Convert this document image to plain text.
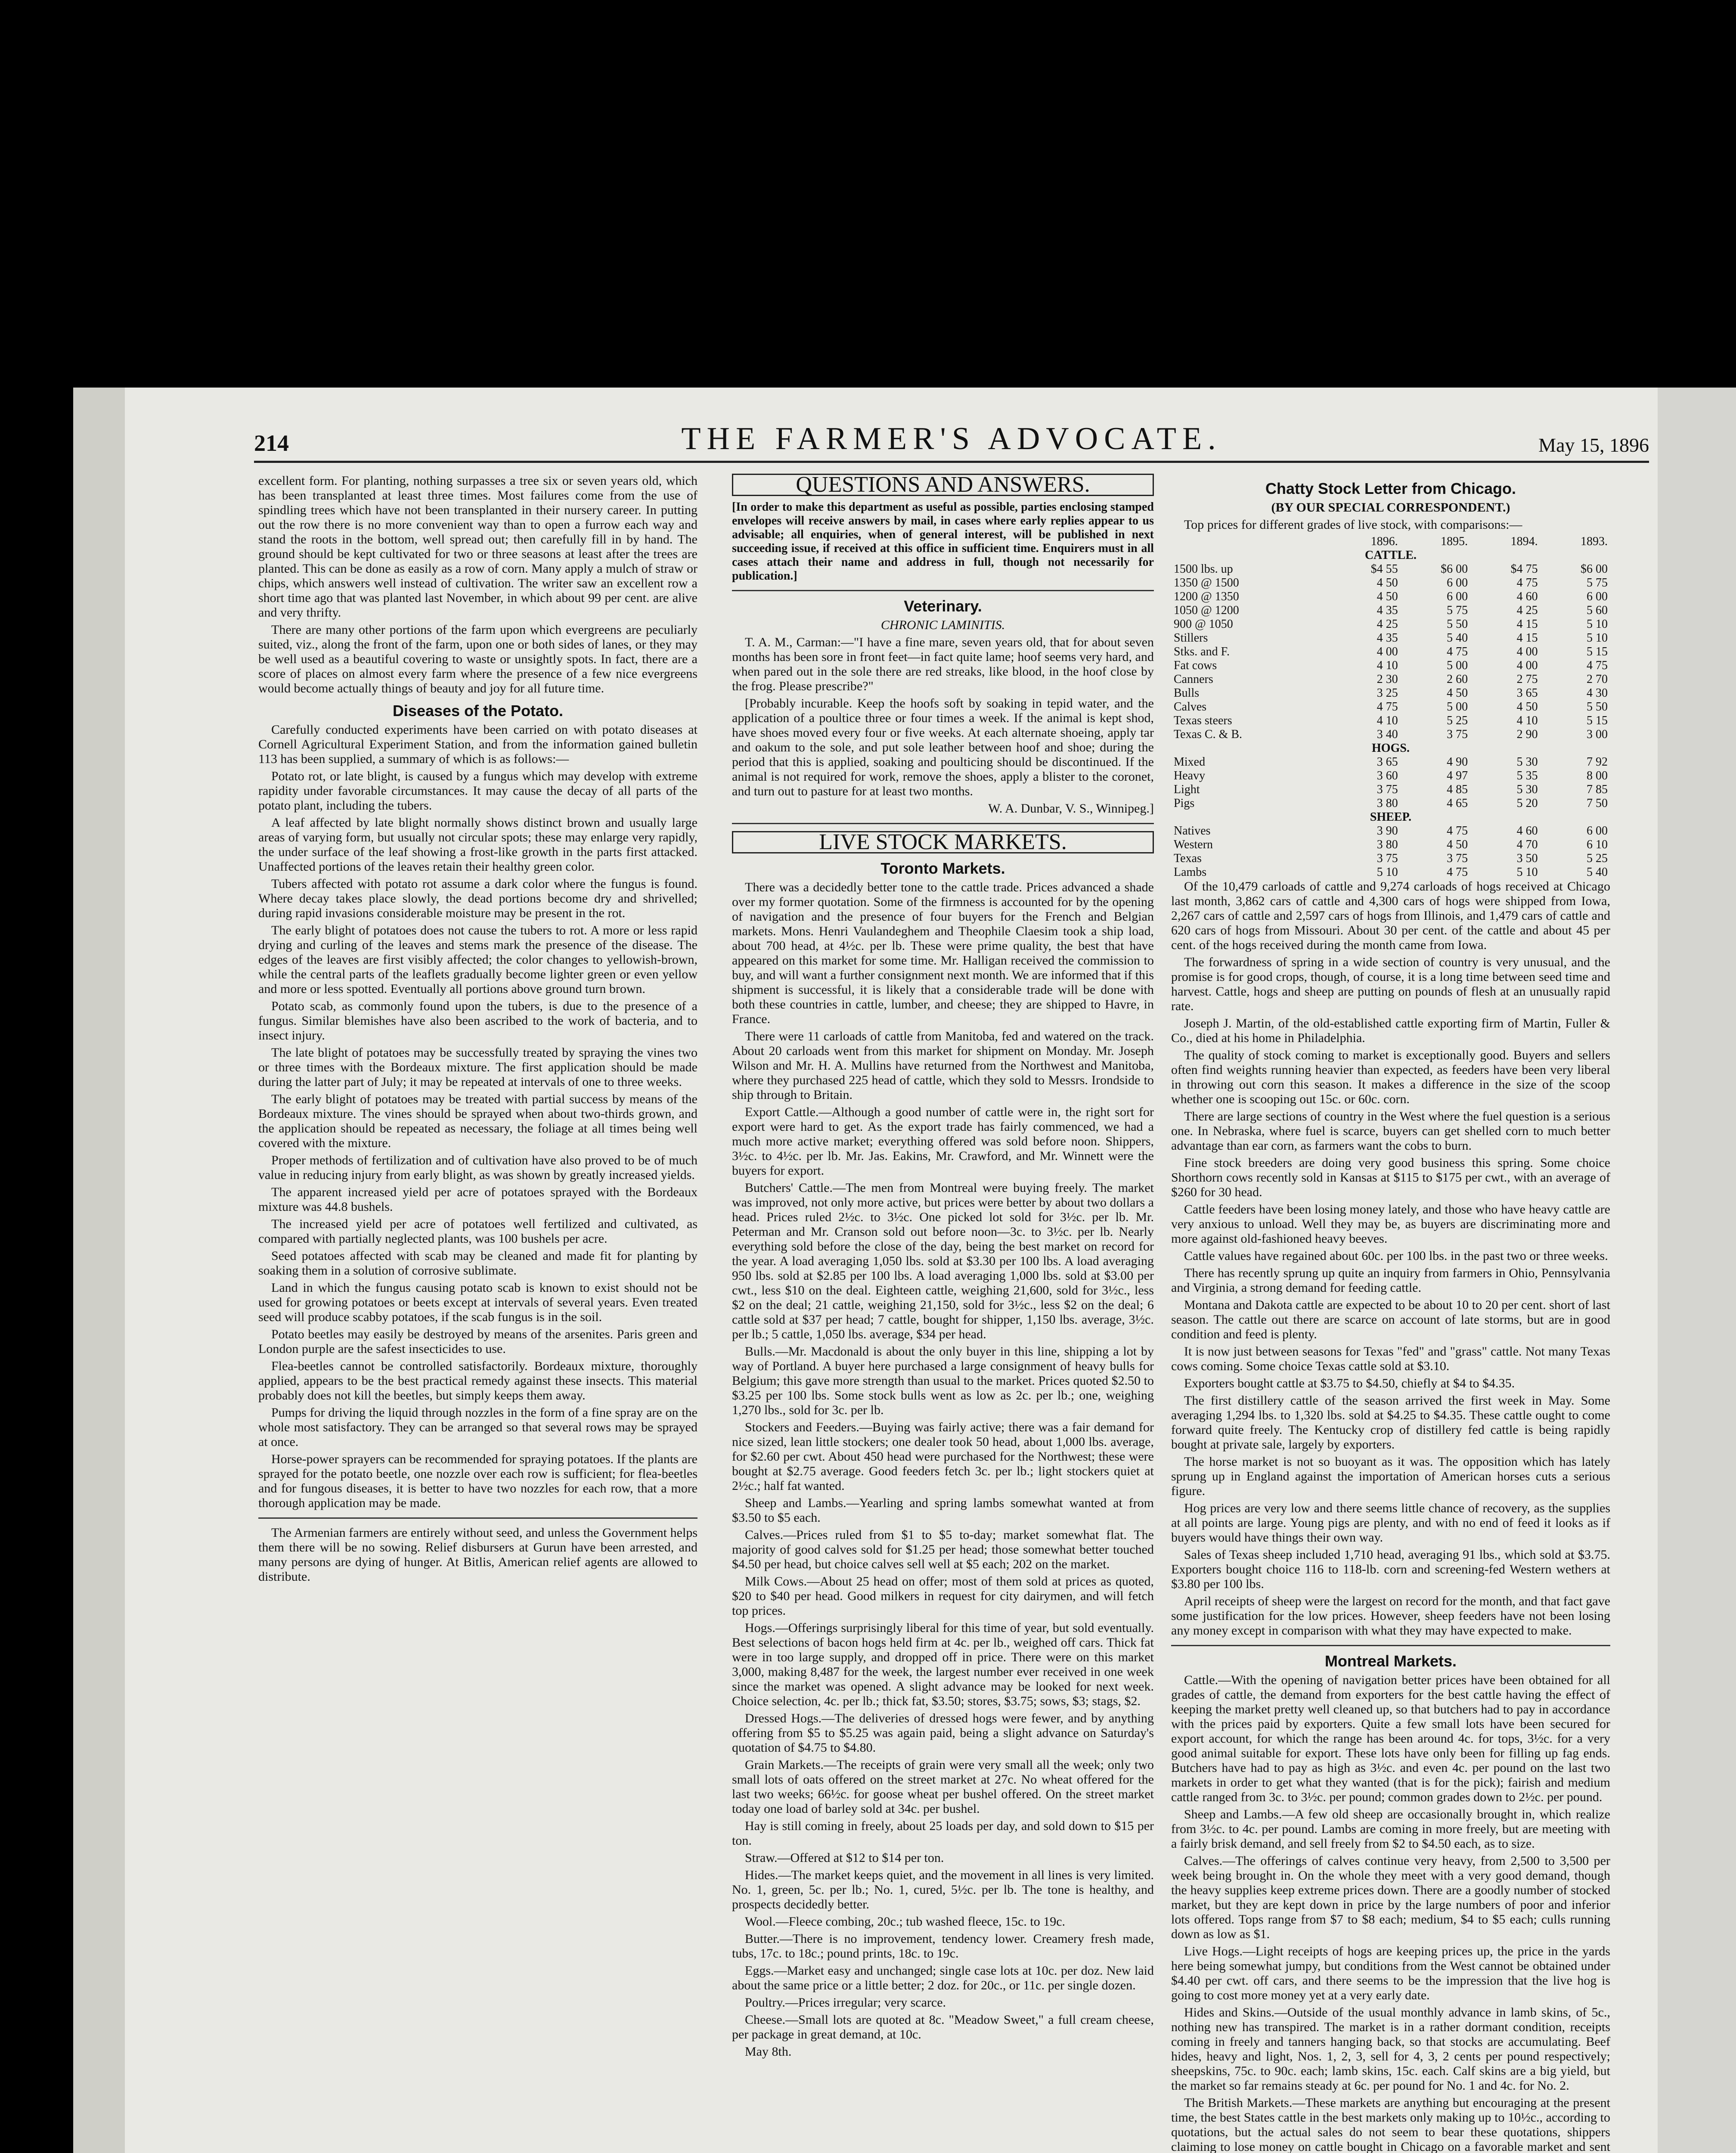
214	THE FARMER'S ADVOCATE.	May 15, 1896

excellent form. For planting, nothing surpasses a tree six or seven years old, which has been transplanted at least three times. Most failures come from the use of spindling trees which have not been transplanted in their nursery career. In putting out the row there is no more convenient way than to open a furrow each way and stand the roots in the bottom, well spread out; then carefully fill in by hand. The ground should be kept cultivated for two or three seasons at least after the trees are planted. This can be done as easily as a row of corn. Many apply a mulch of straw or chips, which answers well instead of cultivation. The writer saw an excellent row a short time ago that was planted last November, in which about 99 per cent. are alive and very thrifty.

There are many other portions of the farm upon which evergreens are peculiarly suited, viz., along the front of the farm, upon one or both sides of lanes, or they may be well used as a beautiful covering to waste or unsightly spots. In fact, there are a score of places on almost every farm where the presence of a few nice evergreens would become actually things of beauty and joy for all future time.

Diseases of the Potato.

Carefully conducted experiments have been carried on with potato diseases at Cornell Agricultural Experiment Station, and from the information gained bulletin 113 has been supplied, a summary of which is as follows:—

Potato rot, or late blight, is caused by a fungus which may develop with extreme rapidity under favorable circumstances. It may cause the decay of all parts of the potato plant, including the tubers.

A leaf affected by late blight normally shows distinct brown and usually large areas of varying form, but usually not circular spots; these may enlarge very rapidly, the under surface of the leaf showing a frost-like growth in the parts first attacked. Unaffected portions of the leaves retain their healthy green color.

Tubers affected with potato rot assume a dark color where the fungus is found. Where decay takes place slowly, the dead portions become dry and shrivelled; during rapid invasions considerable moisture may be present in the rot.

The early blight of potatoes does not cause the tubers to rot. A more or less rapid drying and curling of the leaves and stems mark the presence of the disease. The edges of the leaves are first visibly affected; the color changes to yellowish-brown, while the central parts of the leaflets gradually become lighter green or even yellow and more or less spotted. Eventually all portions above ground turn brown.

Potato scab, as commonly found upon the tubers, is due to the presence of a fungus. Similar blemishes have also been ascribed to the work of bacteria, and to insect injury.

The late blight of potatoes may be successfully treated by spraying the vines two or three times with the Bordeaux mixture. The first application should be made during the latter part of July; it may be repeated at intervals of one to three weeks.

The early blight of potatoes may be treated with partial success by means of the Bordeaux mixture. The vines should be sprayed when about two-thirds grown, and the application should be repeated as necessary, the foliage at all times being well covered with the mixture.

Proper methods of fertilization and of cultivation have also proved to be of much value in reducing injury from early blight, as was shown by greatly increased yields.

The apparent increased yield per acre of potatoes sprayed with the Bordeaux mixture was 44.8 bushels.

The increased yield per acre of potatoes well fertilized and cultivated, as compared with partially neglected plants, was 100 bushels per acre.

Seed potatoes affected with scab may be cleaned and made fit for planting by soaking them in a solution of corrosive sublimate.

Land in which the fungus causing potato scab is known to exist should not be used for growing potatoes or beets except at intervals of several years. Even treated seed will produce scabby potatoes, if the scab fungus is in the soil.

Potato beetles may easily be destroyed by means of the arsenites. Paris green and London purple are the safest insecticides to use.

Flea-beetles cannot be controlled satisfactorily. Bordeaux mixture, thoroughly applied, appears to be the best practical remedy against these insects. This material probably does not kill the beetles, but simply keeps them away.

Pumps for driving the liquid through nozzles in the form of a fine spray are on the whole most satisfactory. They can be arranged so that several rows may be sprayed at once.

Horse-power sprayers can be recommended for spraying potatoes. If the plants are sprayed for the potato beetle, one nozzle over each row is sufficient; for flea-beetles and for fungous diseases, it is better to have two nozzles for each row, that a more thorough application may be made.

The Armenian farmers are entirely without seed, and unless the Government helps them there will be no sowing. Relief disbursers at Gurun have been arrested, and many persons are dying of hunger. At Bitlis, American relief agents are allowed to distribute.

QUESTIONS AND ANSWERS.

[In order to make this department as useful as possible, parties enclosing stamped envelopes will receive answers by mail, in cases where early replies appear to us advisable; all enquiries, when of general interest, will be published in next succeeding issue, if received at this office in sufficient time. Enquirers must in all cases attach their name and address in full, though not necessarily for publication.]

Veterinary.
CHRONIC LAMINITIS.

T. A. M., Carman:—"I have a fine mare, seven years old, that for about seven months has been sore in front feet—in fact quite lame; hoof seems very hard, and when pared out in the sole there are red streaks, like blood, in the hoof close by the frog. Please prescribe?"

[Probably incurable. Keep the hoofs soft by soaking in tepid water, and the application of a poultice three or four times a week. If the animal is kept shod, have shoes moved every four or five weeks. At each alternate shoeing, apply tar and oakum to the sole, and put sole leather between hoof and shoe; during the period that this is applied, soaking and poulticing should be discontinued. If the animal is not required for work, remove the shoes, apply a blister to the coronet, and turn out to pasture for at least two months.

W. A. Dunbar, V. S., Winnipeg.]
LIVE STOCK MARKETS.
Toronto Markets.

There was a decidedly better tone to the cattle trade. Prices advanced a shade over my former quotation. Some of the firmness is accounted for by the opening of navigation and the presence of four buyers for the French and Belgian markets. Mons. Henri Vaulandeghem and Theophile Claesim took a ship load, about 700 head, at 4½c. per lb. These were prime quality, the best that have appeared on this market for some time. Mr. Halligan received the commission to buy, and will want a further consignment next month. We are informed that if this shipment is successful, it is likely that a considerable trade will be done with both these countries in cattle, lumber, and cheese; they are shipped to Havre, in France.

There were 11 carloads of cattle from Manitoba, fed and watered on the track. About 20 carloads went from this market for shipment on Monday. Mr. Joseph Wilson and Mr. H. A. Mullins have returned from the Northwest and Manitoba, where they purchased 225 head of cattle, which they sold to Messrs. Irondside to ship through to Britain.

Export Cattle.—Although a good number of cattle were in, the right sort for export were hard to get. As the export trade has fairly commenced, we had a much more active market; everything offered was sold before noon. Shippers, 3½c. to 4½c. per lb. Mr. Jas. Eakins, Mr. Crawford, and Mr. Winnett were the buyers for export.

Butchers' Cattle.—The men from Montreal were buying freely. The market was improved, not only more active, but prices were better by about two dollars a head. Prices ruled 2½c. to 3½c. One picked lot sold for 3½c. per lb. Mr. Peterman and Mr. Cranson sold out before noon—3c. to 3½c. per lb. Nearly everything sold before the close of the day, being the best market on record for the year. A load averaging 1,050 lbs. sold at $3.30 per 100 lbs. A load averaging 950 lbs. sold at $2.85 per 100 lbs. A load averaging 1,000 lbs. sold at $3.00 per cwt., less $10 on the deal. Eighteen cattle, weighing 21,600, sold for 3½c., less $2 on the deal; 21 cattle, weighing 21,150, sold for 3½c., less $2 on the deal; 6 cattle sold at $37 per head; 7 cattle, bought for shipper, 1,150 lbs. average, 3½c. per lb.; 5 cattle, 1,050 lbs. average, $34 per head.

Bulls.—Mr. Macdonald is about the only buyer in this line, shipping a lot by way of Portland. A buyer here purchased a large consignment of heavy bulls for Belgium; this gave more strength than usual to the market. Prices quoted $2.50 to $3.25 per 100 lbs. Some stock bulls went as low as 2c. per lb.; one, weighing 1,270 lbs., sold for 3c. per lb.

Stockers and Feeders.—Buying was fairly active; there was a fair demand for nice sized, lean little stockers; one dealer took 50 head, about 1,000 lbs. average, for $2.60 per cwt. About 450 head were purchased for the Northwest; these were bought at $2.75 average. Good feeders fetch 3c. per lb.; light stockers quiet at 2½c.; half fat wanted.

Sheep and Lambs.—Yearling and spring lambs somewhat wanted at from $3.50 to $5 each.

Calves.—Prices ruled from $1 to $5 to-day; market somewhat flat. The majority of good calves sold for $1.25 per head; those somewhat better touched $4.50 per head, but choice calves sell well at $5 each; 202 on the market.

Milk Cows.—About 25 head on offer; most of them sold at prices as quoted, $20 to $40 per head. Good milkers in request for city dairymen, and will fetch top prices.

Hogs.—Offerings surprisingly liberal for this time of year, but sold eventually. Best selections of bacon hogs held firm at 4c. per lb., weighed off cars. Thick fat were in too large supply, and dropped off in price. There were on this market 3,000, making 8,487 for the week, the largest number ever received in one week since the market was opened. A slight advance may be looked for next week. Choice selection, 4c. per lb.; thick fat, $3.50; stores, $3.75; sows, $3; stags, $2.

Dressed Hogs.—The deliveries of dressed hogs were fewer, and by anything offering from $5 to $5.25 was again paid, being a slight advance on Saturday's quotation of $4.75 to $4.80.

Grain Markets.—The receipts of grain were very small all the week; only two small lots of oats offered on the street market at 27c. No wheat offered for the last two weeks; 66½c. for goose wheat per bushel offered. On the street market today one load of barley sold at 34c. per bushel.

Hay is still coming in freely, about 25 loads per day, and sold down to $15 per ton.

Straw.—Offered at $12 to $14 per ton.

Hides.—The market keeps quiet, and the movement in all lines is very limited. No. 1, green, 5c. per lb.; No. 1, cured, 5½c. per lb. The tone is healthy, and prospects decidedly better.

Wool.—Fleece combing, 20c.; tub washed fleece, 15c. to 19c.

Butter.—There is no improvement, tendency lower. Creamery fresh made, tubs, 17c. to 18c.; pound prints, 18c. to 19c.

Eggs.—Market easy and unchanged; single case lots at 10c. per doz. New laid about the same price or a little better; 2 doz. for 20c., or 11c. per single dozen.

Poultry.—Prices irregular; very scarce.

Cheese.—Small lots are quoted at 8c. "Meadow Sweet," a full cream cheese, per package in great demand, at 10c.

May 8th.

Chatty Stock Letter from Chicago.
(BY OUR SPECIAL CORRESPONDENT.)

Top prices for different grades of live stock, with comparisons:—

	1896.	1895.	1894.	1893.
CATTLE.				
1500 lbs. up	$4 55	$6 00	$4 75	$6 00
1350 @ 1500	4 50	6 00	4 75	5 75
1200 @ 1350	4 50	6 00	4 60	6 00
1050 @ 1200	4 35	5 75	4 25	5 60
900 @ 1050	4 25	5 50	4 15	5 10
Stillers	4 35	5 40	4 15	5 10
Stks. and F.	4 00	4 75	4 00	5 15
Fat cows	4 10	5 00	4 00	4 75
Canners	2 30	2 60	2 75	2 70
Bulls	3 25	4 50	3 65	4 30
Calves	4 75	5 00	4 50	5 50
Texas steers	4 10	5 25	4 10	5 15
Texas C. & B.	3 40	3 75	2 90	3 00
HOGS.				
Mixed	3 65	4 90	5 30	7 92
Heavy	3 60	4 97	5 35	8 00
Light	3 75	4 85	5 30	7 85
Pigs	3 80	4 65	5 20	7 50
SHEEP.				
Natives	3 90	4 75	4 60	6 00
Western	3 80	4 50	4 70	6 10
Texas	3 75	3 75	3 50	5 25
Lambs	5 10	4 75	5 10	5 40

Of the 10,479 carloads of cattle and 9,274 carloads of hogs received at Chicago last month, 3,862 cars of cattle and 4,300 cars of hogs were shipped from Iowa, 2,267 cars of cattle and 2,597 cars of hogs from Illinois, and 1,479 cars of cattle and 620 cars of hogs from Missouri. About 30 per cent. of the cattle and about 45 per cent. of the hogs received during the month came from Iowa.

The forwardness of spring in a wide section of country is very unusual, and the promise is for good crops, though, of course, it is a long time between seed time and harvest. Cattle, hogs and sheep are putting on pounds of flesh at an unusually rapid rate.

Joseph J. Martin, of the old-established cattle exporting firm of Martin, Fuller & Co., died at his home in Philadelphia.

The quality of stock coming to market is exceptionally good. Buyers and sellers often find weights running heavier than expected, as feeders have been very liberal in throwing out corn this season. It makes a difference in the size of the scoop whether one is scooping out 15c. or 60c. corn.

There are large sections of country in the West where the fuel question is a serious one. In Nebraska, where fuel is scarce, buyers can get shelled corn to much better advantage than ear corn, as farmers want the cobs to burn.

Fine stock breeders are doing very good business this spring. Some choice Shorthorn cows recently sold in Kansas at $115 to $175 per cwt., with an average of $260 for 30 head.

Cattle feeders have been losing money lately, and those who have heavy cattle are very anxious to unload. Well they may be, as buyers are discriminating more and more against old-fashioned heavy beeves.

Cattle values have regained about 60c. per 100 lbs. in the past two or three weeks.

There has recently sprung up quite an inquiry from farmers in Ohio, Pennsylvania and Virginia, a strong demand for feeding cattle.

Montana and Dakota cattle are expected to be about 10 to 20 per cent. short of last season. The cattle out there are scarce on account of late storms, but are in good condition and feed is plenty.

It is now just between seasons for Texas "fed" and "grass" cattle. Not many Texas cows coming. Some choice Texas cattle sold at $3.10.

Exporters bought cattle at $3.75 to $4.50, chiefly at $4 to $4.35.

The first distillery cattle of the season arrived the first week in May. Some averaging 1,294 lbs. to 1,320 lbs. sold at $4.25 to $4.35. These cattle ought to come forward quite freely. The Kentucky crop of distillery fed cattle is being rapidly bought at private sale, largely by exporters.

The horse market is not so buoyant as it was. The opposition which has lately sprung up in England against the importation of American horses cuts a serious figure.

Hog prices are very low and there seems little chance of recovery, as the supplies at all points are large. Young pigs are plenty, and with no end of feed it looks as if buyers would have things their own way.

Sales of Texas sheep included 1,710 head, averaging 91 lbs., which sold at $3.75. Exporters bought choice 116 to 118-lb. corn and screening-fed Western wethers at $3.80 per 100 lbs.

April receipts of sheep were the largest on record for the month, and that fact gave some justification for the low prices. However, sheep feeders have not been losing any money except in comparison with what they may have expected to make.

Montreal Markets.

Cattle.—With the opening of navigation better prices have been obtained for all grades of cattle, the demand from exporters for the best cattle having the effect of keeping the market pretty well cleaned up, so that butchers had to pay in accordance with the prices paid by exporters. Quite a few small lots have been secured for export account, for which the range has been around 4c. for tops, 3½c. for a very good animal suitable for export. These lots have only been for filling up fag ends. Butchers have had to pay as high as 3½c. and even 4c. per pound on the last two markets in order to get what they wanted (that is for the pick); fairish and medium cattle ranged from 3c. to 3½c. per pound; common grades down to 2½c. per pound.

Sheep and Lambs.—A few old sheep are occasionally brought in, which realize from 3½c. to 4c. per pound. Lambs are coming in more freely, but are meeting with a fairly brisk demand, and sell freely from $2 to $4.50 each, as to size.

Calves.—The offerings of calves continue very heavy, from 2,500 to 3,500 per week being brought in. On the whole they meet with a very good demand, though the heavy supplies keep extreme prices down. There are a goodly number of stocked market, but they are kept down in price by the large numbers of poor and inferior lots offered. Tops range from $7 to $8 each; medium, $4 to $5 each; culls running down as low as $1.

Live Hogs.—Light receipts of hogs are keeping prices up, the price in the yards here being somewhat jumpy, but conditions from the West cannot be obtained under $4.40 per cwt. off cars, and there seems to be the impression that the live hog is going to cost more money yet at a very early date.

Hides and Skins.—Outside of the usual monthly advance in lamb skins, of 5c., nothing new has transpired. The market is in a rather dormant condition, receipts coming in freely and tanners hanging back, so that stocks are accumulating. Beef hides, heavy and light, Nos. 1, 2, 3, sell for 4, 3, 2 cents per pound respectively; sheepskins, 75c. to 90c. each; lamb skins, 15c. each. Calf skins are a big yield, but the market so far remains steady at 6c. per pound for No. 1 and 4c. for No. 2.

The British Markets.—These markets are anything but encouraging at the present time, the best States cattle in the best markets only making up to 10½c., according to quotations, but the actual sales do not seem to bear these quotations, shippers claiming to lose money on cattle bought in Chicago on a favorable market and sent
